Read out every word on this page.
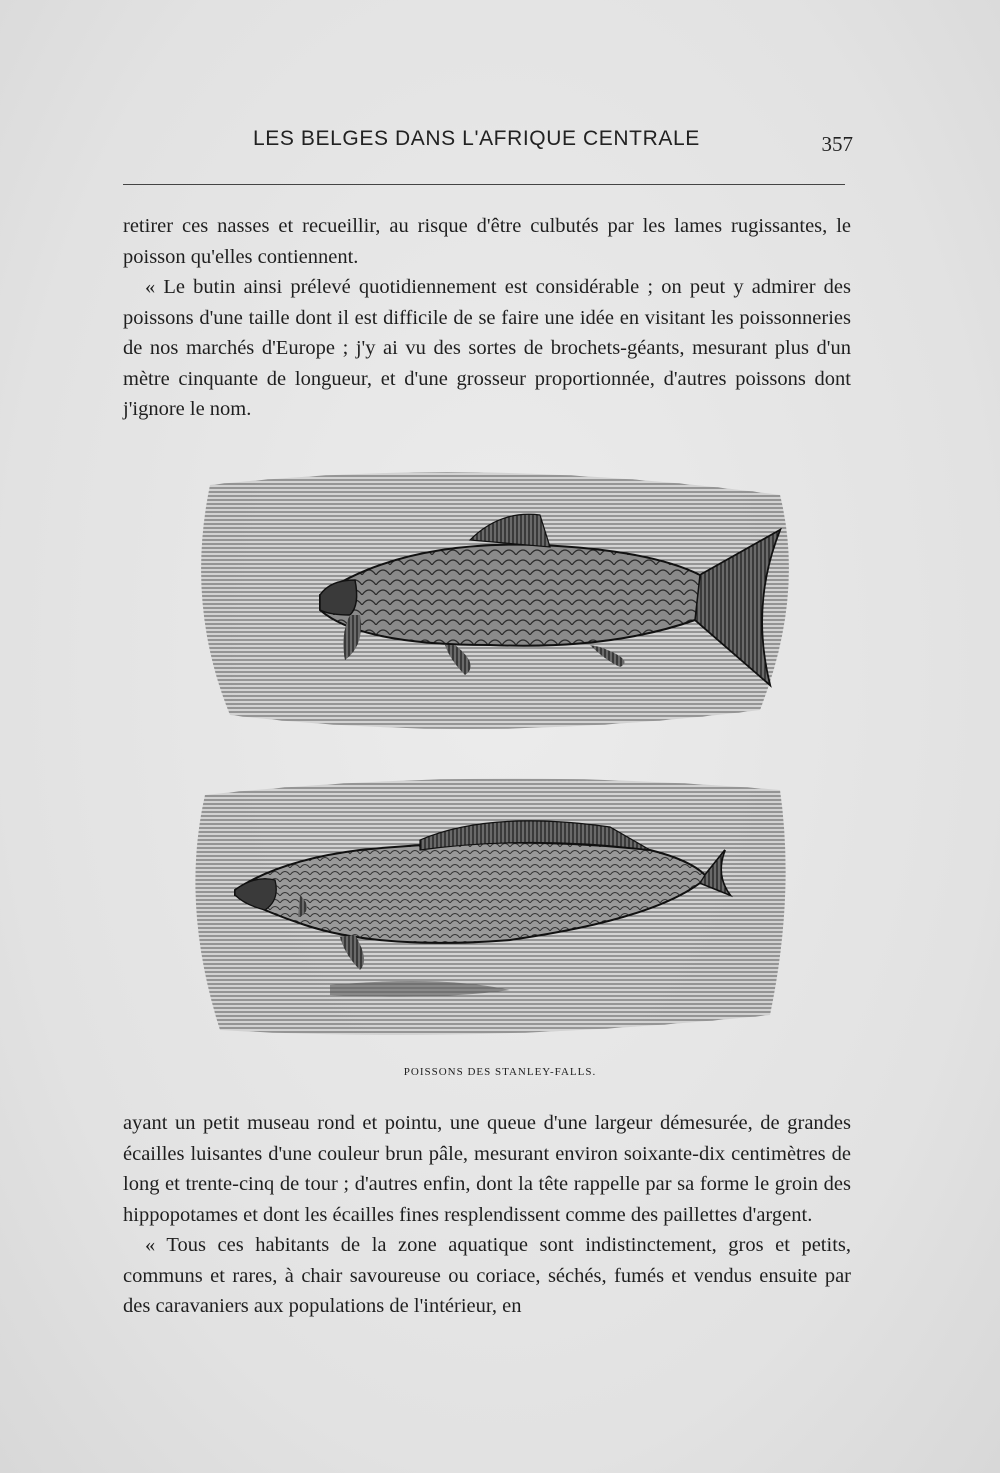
LES BELGES DANS L'AFRIQUE CENTRALE	357

retirer ces nasses et recueillir, au risque d'être culbutés par les lames rugissantes, le poisson qu'elles contiennent.

« Le butin ainsi prélevé quotidiennement est considérable ; on peut y admirer des poissons d'une taille dont il est difficile de se faire une idée en visitant les poissonneries de nos marchés d'Europe ; j'y ai vu des sortes de brochets-géants, mesurant plus d'un mètre cinquante de longueur, et d'une grosseur proportionnée, d'autres poissons dont j'ignore le nom.

POISSONS DES STANLEY-FALLS.

ayant un petit museau rond et pointu, une queue d'une largeur démesurée, de grandes écailles luisantes d'une couleur brun pâle, mesurant environ soixante-dix centimètres de long et trente-cinq de tour ; d'autres enfin, dont la tête rappelle par sa forme le groin des hippopotames et dont les écailles fines resplendissent comme des paillettes d'argent.

« Tous ces habitants de la zone aquatique sont indistinctement, gros et petits, communs et rares, à chair savoureuse ou coriace, séchés, fumés et vendus ensuite par des caravaniers aux populations de l'intérieur, en
